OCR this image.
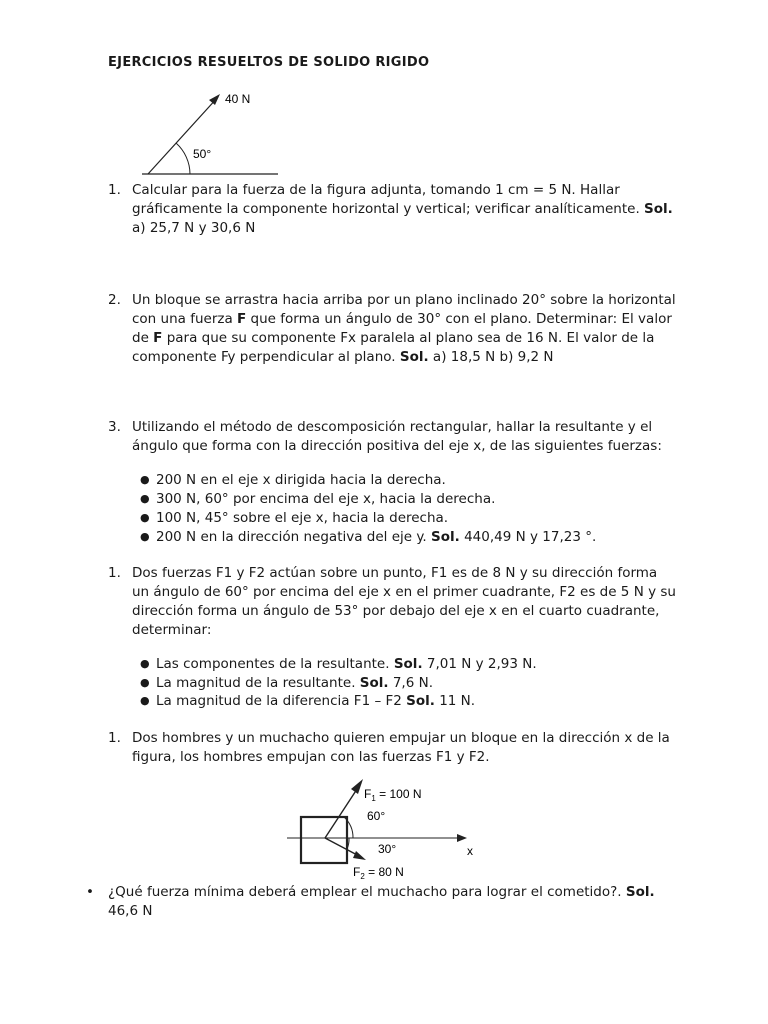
EJERCICIOS RESUELTOS DE SOLIDO RIGIDO
40 N
50°
1. Calcular para la fuerza de la figura adjunta, tomando 1 cm = 5 N. Hallar
gráficamente la componente horizontal y vertical; verificar analíticamente. Sol.
a) 25,7 N y 30,6 N
2. Un bloque se arrastra hacia arriba por un plano inclinado 20° sobre la horizontal
con una fuerza F que forma un ángulo de 30° con el plano. Determinar: El valor
de F para que su componente Fx paralela al plano sea de 16 N. El valor de la
componente Fy perpendicular al plano. Sol. a) 18,5 N b) 9,2 N
3. Utilizando el método de descomposición rectangular, hallar la resultante y el
ángulo que forma con la dirección positiva del eje x, de las siguientes fuerzas:
● 200 N en el eje x dirigida hacia la derecha.
● 300 N, 60° por encima del eje x, hacia la derecha.
● 100 N, 45° sobre el eje x, hacia la derecha.
● 200 N en la dirección negativa del eje y. Sol. 440,49 N y 17,23 °.
1. Dos fuerzas F1 y F2 actúan sobre un punto, F1 es de 8 N y su dirección forma
un ángulo de 60° por encima del eje x en el primer cuadrante, F2 es de 5 N y su
dirección forma un ángulo de 53° por debajo del eje x en el cuarto cuadrante,
determinar:
● Las componentes de la resultante. Sol. 7,01 N y 2,93 N.
● La magnitud de la resultante. Sol. 7,6 N.
● La magnitud de la diferencia F1 – F2 Sol. 11 N.
1. Dos hombres y un muchacho quieren empujar un bloque en la dirección x de la
figura, los hombres empujan con las fuerzas F1 y F2.
$F_1 = 100$ N
60°
30°	x
$F_2 = 80$ N
• ¿Qué fuerza mínima deberá emplear el muchacho para lograr el cometido?. Sol.
46,6 N
